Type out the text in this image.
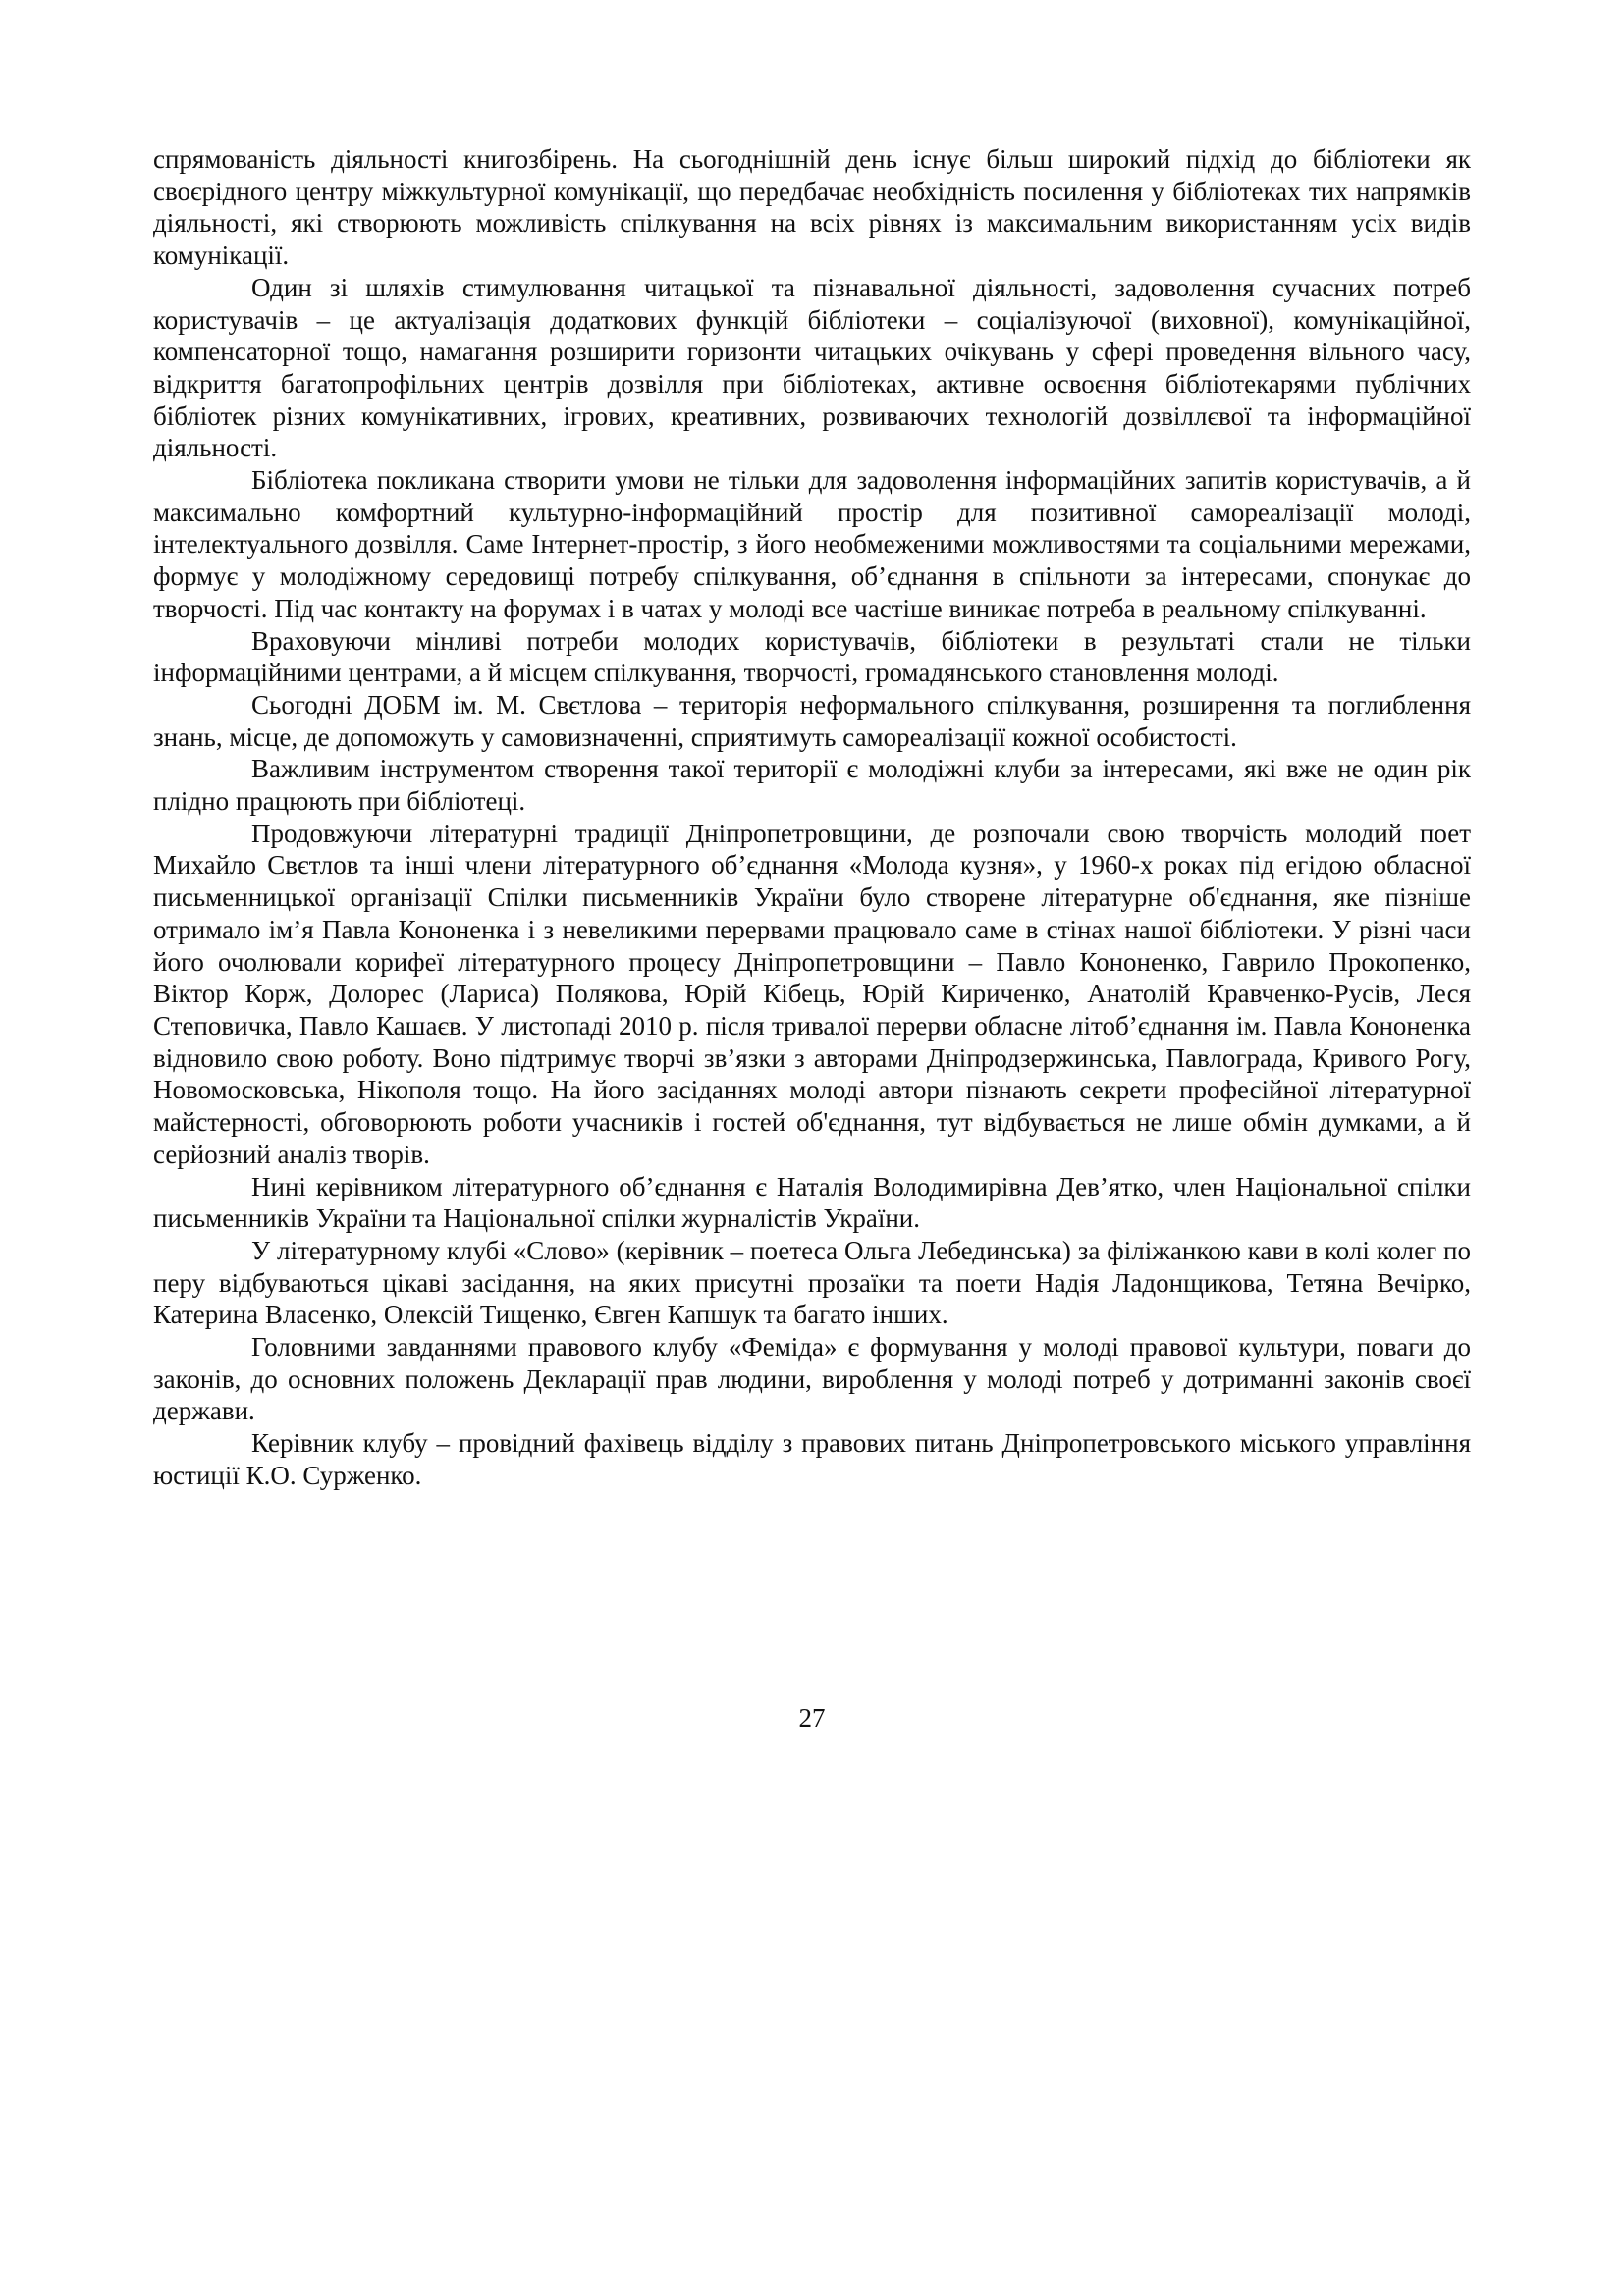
спрямованість діяльності книгозбірень. На сьогоднішній день існує більш широкий підхід до бібліотеки як своєрідного центру міжкультурної комунікації, що передбачає необхідність посилення у бібліотеках тих напрямків діяльності, які створюють можливість спілкування на всіх рівнях із максимальним використанням усіх видів комунікації.

Один зі шляхів стимулювання читацької та пізнавальної діяльності, задоволення сучасних потреб користувачів – це актуалізація додаткових функцій бібліотеки – соціалізуючої (виховної), комунікаційної, компенсаторної тощо, намагання розширити горизонти читацьких очікувань у сфері проведення вільного часу, відкриття багатопрофільних центрів дозвілля при бібліотеках, активне освоєння бібліотекарями публічних бібліотек різних комунікативних, ігрових, креативних, розвиваючих технологій дозвіллєвої та інформаційної діяльності.

Бібліотека покликана створити умови не тільки для задоволення інформаційних запитів користувачів, а й максимально комфортний культурно-інформаційний простір для позитивної самореалізації молоді, інтелектуального дозвілля. Саме Інтернет-простір, з його необмеженими можливостями та соціальними мережами, формує у молодіжному середовищі потребу спілкування, об’єднання в спільноти за інтересами, спонукає до творчості. Під час контакту на форумах і в чатах у молоді все частіше виникає потреба в реальному спілкуванні.

Враховуючи мінливі потреби молодих користувачів, бібліотеки в результаті стали не тільки інформаційними центрами, а й місцем спілкування, творчості, громадянського становлення молоді.

Сьогодні ДОБМ ім. М. Свєтлова – територія неформального спілкування, розширення та поглиблення знань, місце, де допоможуть у самовизначенні, сприятимуть самореалізації кожної особистості.

Важливим інструментом створення такої території є молодіжні клуби за інтересами, які вже не один рік плідно працюють при бібліотеці.

Продовжуючи літературні традиції Дніпропетровщини, де розпочали свою творчість молодий поет Михайло Свєтлов та інші члени літературного об’єднання «Молода кузня», у 1960-х роках під егідою обласної письменницької організації Спілки письменників України було створене літературне об'єднання, яке пізніше отримало ім’я Павла Кононенка і з невеликими перервами працювало саме в стінах нашої бібліотеки. У різні часи його очолювали корифеї літературного процесу Дніпропетровщини – Павло Кононенко, Гаврило Прокопенко, Віктор Корж, Долорес (Лариса) Полякова, Юрій Кібець, Юрій Кириченко, Анатолій Кравченко-Русів, Леся Степовичка, Павло Кашаєв. У листопаді 2010 р. після тривалої перерви обласне літоб’єднання ім. Павла Кононенка відновило свою роботу. Воно підтримує творчі зв’язки з авторами Дніпродзержинська, Павлограда, Кривого Рогу, Новомосковська, Нікополя тощо. На його засіданнях молоді автори пізнають секрети професійної літературної майстерності, обговорюють роботи учасників і гостей об'єднання, тут відбувається не лише обмін думками, а й серйозний аналіз творів.

Нині керівником літературного об’єднання є Наталія Володимирівна Дев’ятко, член Національної спілки письменників України та Національної спілки журналістів України.

У літературному клубі «Слово» (керівник – поетеса Ольга Лебединська) за філіжанкою кави в колі колег по перу відбуваються цікаві засідання, на яких присутні прозаїки та поети Надія Ладонщикова, Тетяна Вечірко, Катерина Власенко, Олексій Тищенко, Євген Капшук та багато інших.

Головними завданнями правового клубу «Феміда» є формування у молоді правової культури, поваги до законів, до основних положень Декларації прав людини, вироблення у молоді потреб у дотриманні законів своєї держави.

Керівник клубу – провідний фахівець відділу з правових питань Дніпропетровського міського управління юстиції К.О. Сурженко.

27
